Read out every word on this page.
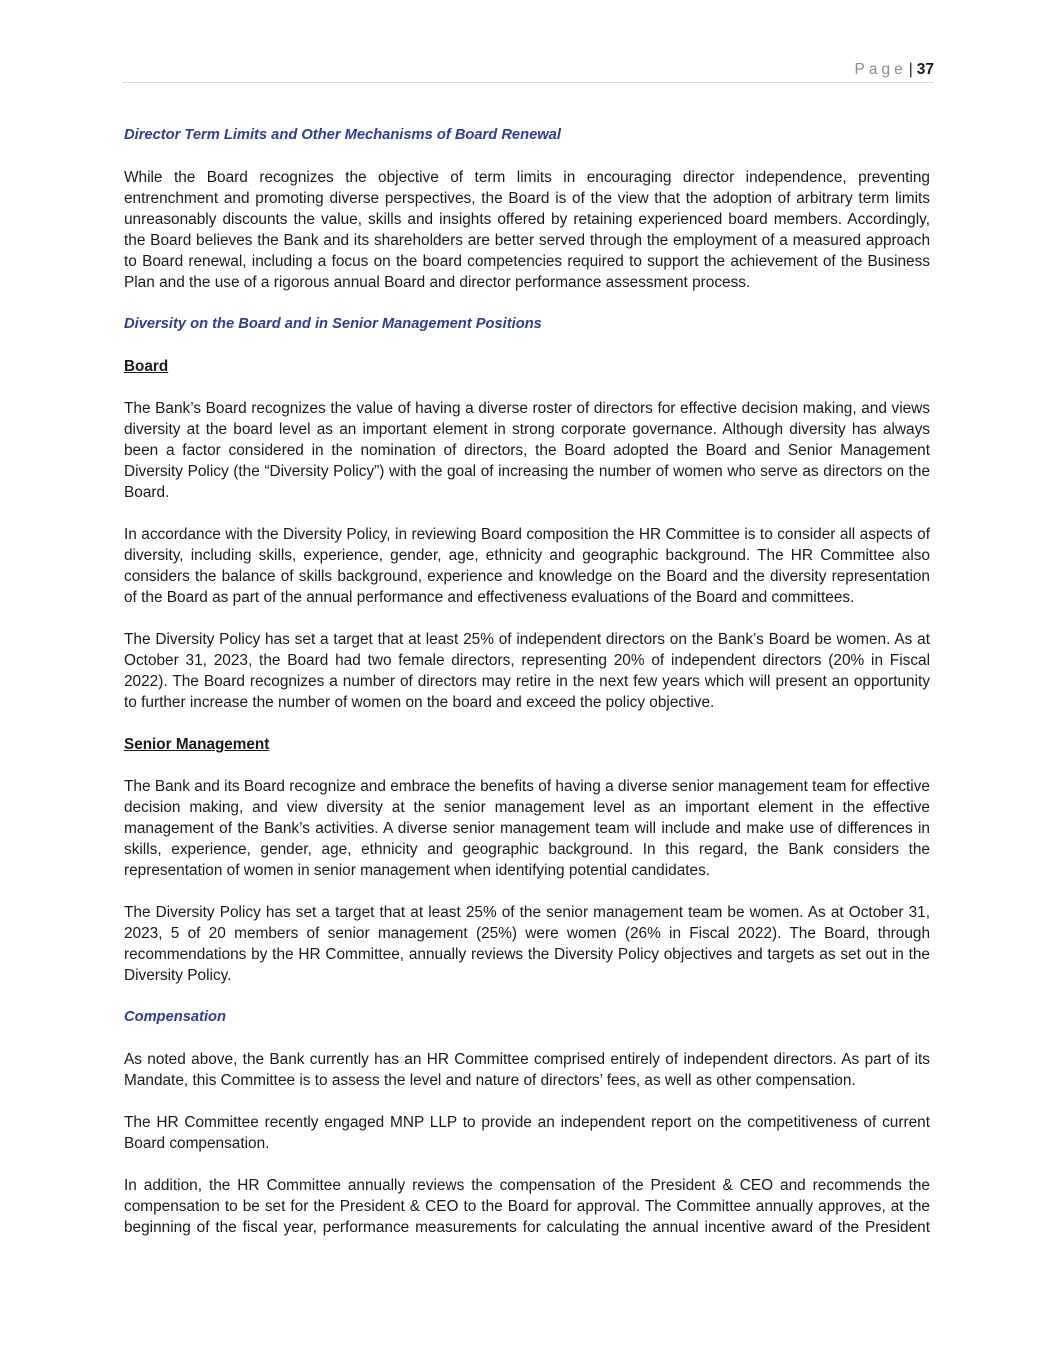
Page | 37
Director Term Limits and Other Mechanisms of Board Renewal

While the Board recognizes the objective of term limits in encouraging director independence, preventing entrenchment and promoting diverse perspectives, the Board is of the view that the adoption of arbitrary term limits unreasonably discounts the value, skills and insights offered by retaining experienced board members. Accordingly, the Board believes the Bank and its shareholders are better served through the employment of a measured approach to Board renewal, including a focus on the board competencies required to support the achievement of the Business Plan and the use of a rigorous annual Board and director performance assessment process.

Diversity on the Board and in Senior Management Positions
Board

The Bank’s Board recognizes the value of having a diverse roster of directors for effective decision making, and views diversity at the board level as an important element in strong corporate governance. Although diversity has always been a factor considered in the nomination of directors, the Board adopted the Board and Senior Management Diversity Policy (the “Diversity Policy”) with the goal of increasing the number of women who serve as directors on the Board.

In accordance with the Diversity Policy, in reviewing Board composition the HR Committee is to consider all aspects of diversity, including skills, experience, gender, age, ethnicity and geographic background. The HR Committee also considers the balance of skills background, experience and knowledge on the Board and the diversity representation of the Board as part of the annual performance and effectiveness evaluations of the Board and committees.

The Diversity Policy has set a target that at least 25% of independent directors on the Bank’s Board be women. As at October 31, 2023, the Board had two female directors, representing 20% of independent directors (20% in Fiscal 2022). The Board recognizes a number of directors may retire in the next few years which will present an opportunity to further increase the number of women on the board and exceed the policy objective.

Senior Management

The Bank and its Board recognize and embrace the benefits of having a diverse senior management team for effective decision making, and view diversity at the senior management level as an important element in the effective management of the Bank’s activities. A diverse senior management team will include and make use of differences in skills, experience, gender, age, ethnicity and geographic background. In this regard, the Bank considers the representation of women in senior management when identifying potential candidates.

The Diversity Policy has set a target that at least 25% of the senior management team be women. As at October 31, 2023, 5 of 20 members of senior management (25%) were women (26% in Fiscal 2022). The Board, through recommendations by the HR Committee, annually reviews the Diversity Policy objectives and targets as set out in the Diversity Policy.

Compensation

As noted above, the Bank currently has an HR Committee comprised entirely of independent directors. As part of its Mandate, this Committee is to assess the level and nature of directors’ fees, as well as other compensation.

The HR Committee recently engaged MNP LLP to provide an independent report on the competitiveness of current Board compensation.

In addition, the HR Committee annually reviews the compensation of the President & CEO and recommends the compensation to be set for the President & CEO to the Board for approval. The Committee annually approves, at the beginning of the fiscal year, performance measurements for calculating the annual incentive award of the President
